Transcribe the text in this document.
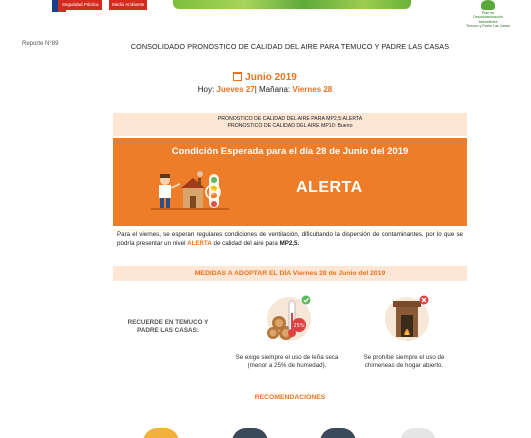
Seguridad Pública	Medio Ambiente
Plan de
Descontaminación Atmosférica
Temuco y Padre Las Casas
Reporte N°89	CONSOLIDADO PRONOSTICO DE CALIDAD DEL AIRE PARA TEMUCO Y PADRE LAS CASAS
Junio 2019
Hoy: Jueves 27| Mañana: Viernes 28
PRONOSTICO DE CALIDAD DEL AIRE PARA MP2,5:ALERTA
PRONOSTICO DE CALIDAD DEL AIRE MP10: Bueno
Condición Esperada para el día 28 de Junio del 2019
!	ALERTA
Para el viernes, se esperan regulares condiciones de ventilación, dificultando la dispersión de contaminantes, por lo que se podría presentar un nivel ALERTA de calidad del aire para MP2,5.
MEDIDAS A ADOPTAR EL DÍA Viernes 28 de Junio del 2019
RECUERDE EN TEMUCO Y PADRE LAS CASAS:
25%
Se exige siempre el uso de leña seca (menor a 25% de humedad).
Se prohíbe siempre el uso de chimeneas de hogar abierto.
RECOMENDACIONES
